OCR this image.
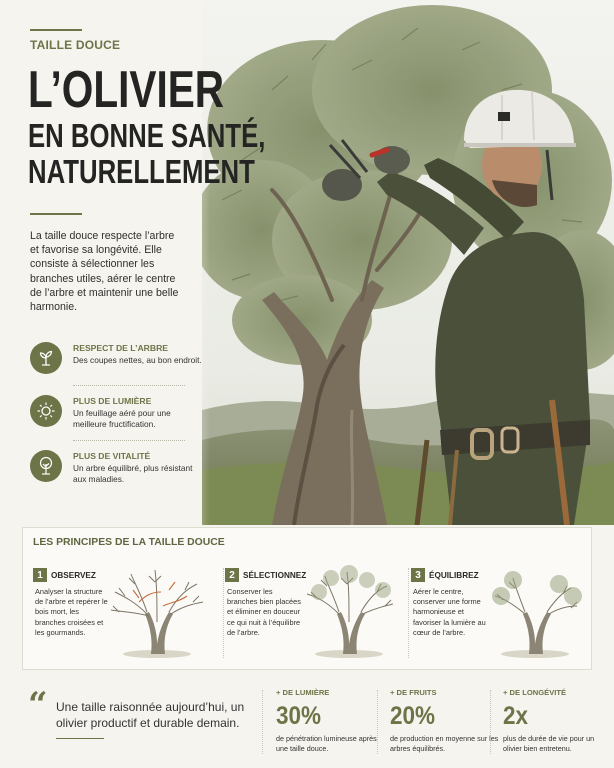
TAILLE DOUCE
L’OLIVIER
EN BONNE SANTÉ,
NATURELLEMENT

La taille douce respecte l’arbre et favorise sa longévité. Elle consiste à sélectionner les branches utiles, aérer le centre de l’arbre et maintenir une belle harmonie.

RESPECT DE L’ARBRE
Des coupes nettes, au bon endroit.
PLUS DE LUMIÈRE
Un feuillage aéré pour une meilleure fructification.
PLUS DE VITALITÉ
Un arbre équilibré, plus résistant aux maladies.
LES PRINCIPES DE LA TAILLE DOUCE
1	OBSERVEZ

Analyser la structure de l’arbre et repérer le bois mort, les branches croisées et les gourmands.

2	SÉLECTIONNEZ

Conserver les branches bien placées et éliminer en douceur ce qui nuit à l’équilibre de l’arbre.

3	ÉQUILIBREZ

Aérer le centre, conserver une forme harmonieuse et favoriser la lumière au cœur de l’arbre.

“ Une taille raisonnée aujourd’hui, un olivier productif et durable demain.

+ DE LUMIÈRE
30%
de pénétration lumineuse après une taille douce.
+ DE FRUITS
20%
de production en moyenne sur les arbres équilibrés.
+ DE LONGÉVITÉ
2x
plus de durée de vie pour un olivier bien entretenu.
